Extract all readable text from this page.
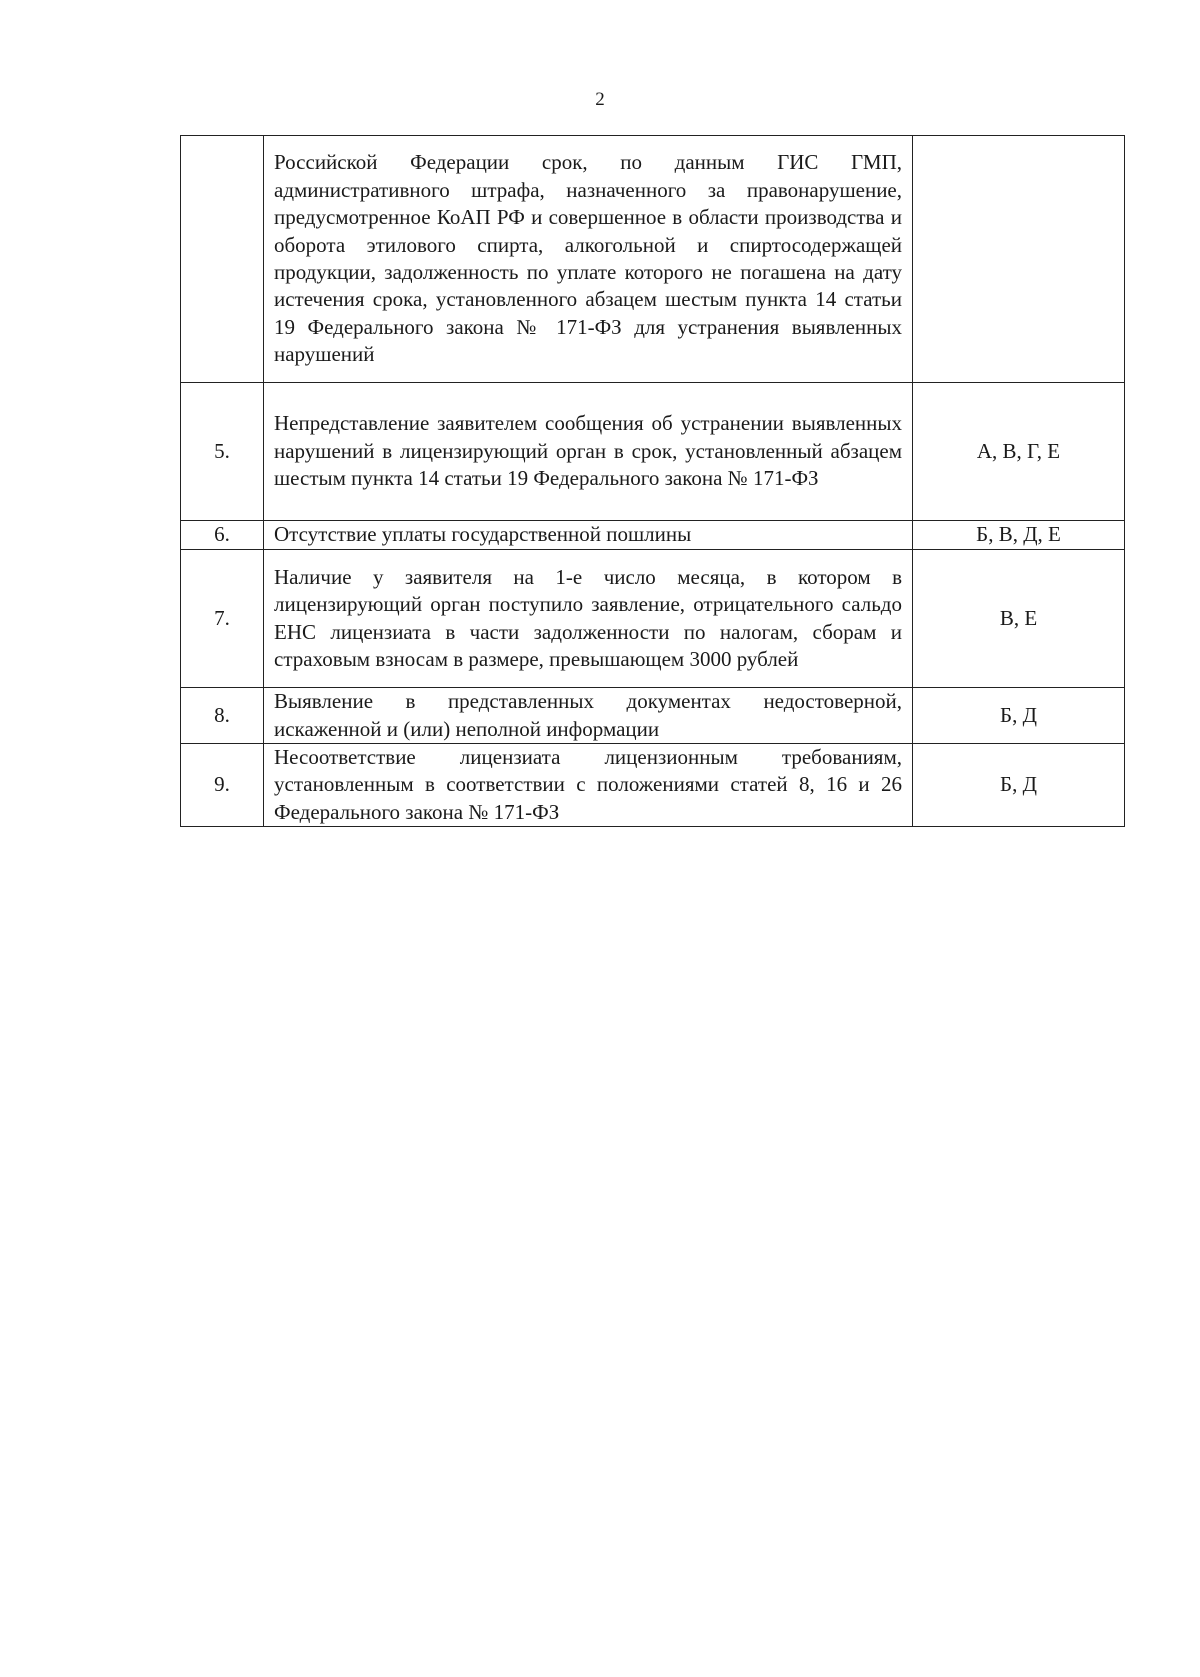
2
	Российской Федерации срок, по данным ГИС ГМП, административного штрафа, назначенного за правонарушение, предусмотренное КоАП РФ и совершенное в области производства и оборота этилового спирта, алкогольной и спиртосодержащей продукции, задолженность по уплате которого не погашена на дату истечения срока, установленного абзацем шестым пункта 14 статьи 19 Федерального закона № 171-ФЗ для устранения выявленных нарушений	
5.	Непредставление заявителем сообщения об устранении выявленных нарушений в лицензирующий орган в срок, установленный абзацем шестым пункта 14 статьи 19 Федерального закона № 171-ФЗ	А, В, Г, Е
6.	Отсутствие уплаты государственной пошлины	Б, В, Д, Е
7.	Наличие у заявителя на 1-е число месяца, в котором в лицензирующий орган поступило заявление, отрицательного сальдо ЕНС лицензиата в части задолженности по налогам, сборам и страховым взносам в размере, превышающем 3000 рублей	В, Е
8.	Выявление в представленных документах недостоверной, искаженной и (или) неполной информации	Б, Д
9.	Несоответствие лицензиата лицензионным требованиям, установленным в соответствии с положениями статей 8, 16 и 26 Федерального закона № 171-ФЗ	Б, Д
